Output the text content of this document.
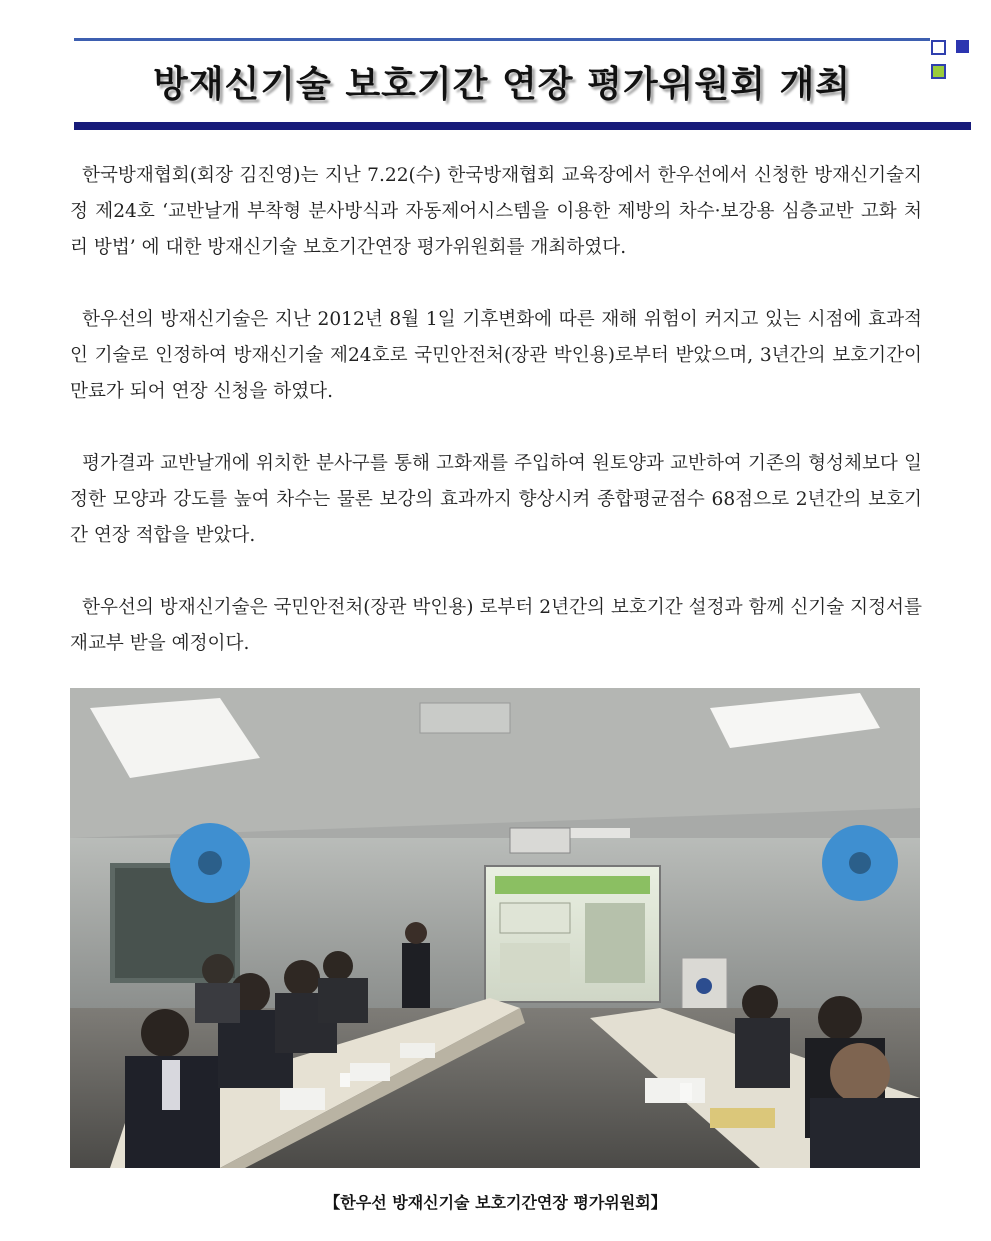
방재신기술 보호기간 연장 평가위원회 개최

한국방재협회(회장 김진영)는 지난 7.22(수) 한국방재협회 교육장에서 한우선에서 신청한 방재신기술지정 제24호 ‘교반날개 부착형 분사방식과 자동제어시스템을 이용한 제방의 차수·보강용 심층교반 고화 처리 방법’ 에 대한 방재신기술 보호기간연장 평가위원회를 개최하였다.

한우선의 방재신기술은 지난 2012년 8월 1일 기후변화에 따른 재해 위험이 커지고 있는 시점에 효과적인 기술로 인정하여 방재신기술 제24호로 국민안전처(장관 박인용)로부터 받았으며, 3년간의 보호기간이 만료가 되어 연장 신청을 하였다.

평가결과 교반날개에 위치한 분사구를 통해 고화재를 주입하여 원토양과 교반하여 기존의 형성체보다 일정한 모양과 강도를 높여 차수는 물론 보강의 효과까지 향상시켜 종합평균점수 68점으로 2년간의 보호기간 연장 적합을 받았다.

한우선의 방재신기술은 국민안전처(장관 박인용) 로부터 2년간의 보호기간 설정과 함께 신기술 지정서를 재교부 받을 예정이다.

【한우선 방재신기술 보호기간연장 평가위원회】
